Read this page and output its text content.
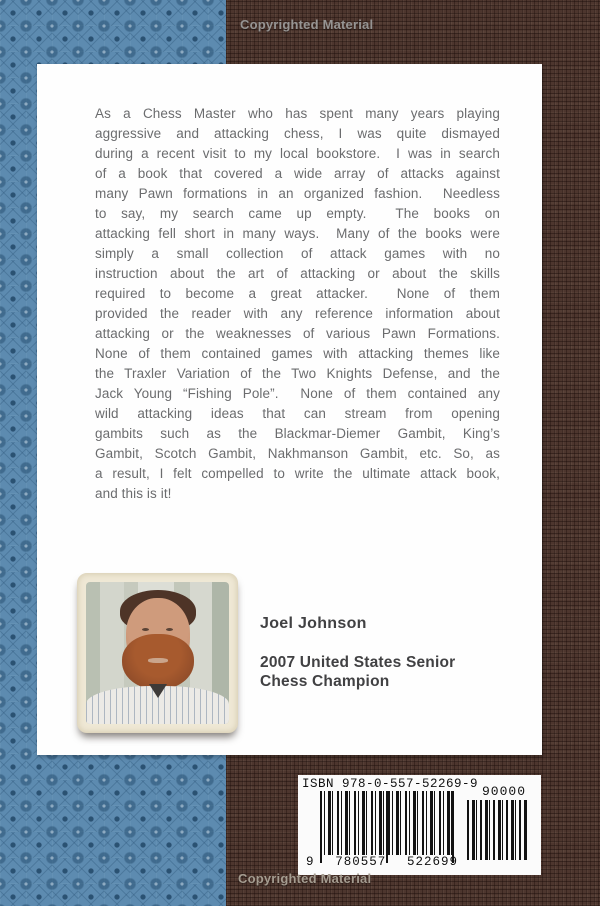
Copyrighted Material
As a Chess Master who has spent many years playing
aggressive and attacking chess, I was quite dismayed
during a recent visit to my local bookstore.  I was in search
of a book that covered a wide array of attacks against
many Pawn formations in an organized fashion.  Needless
to say, my search came up empty.  The books on
attacking fell short in many ways.  Many of the books were
simply a small collection of attack games with no
instruction about the art of attacking or about the skills
required to become a great attacker.  None of them
provided the reader with any reference information about
attacking or the weaknesses of various Pawn Formations.
None of them contained games with attacking themes like
the Traxler Variation of the Two Knights Defense, and the
Jack Young “Fishing Pole”.  None of them contained any
wild attacking ideas that can stream from opening
gambits such as the Blackmar-Diemer Gambit, King’s
Gambit, Scotch Gambit, Nakhmanson Gambit, etc. So, as
a result, I felt compelled to write the ultimate attack book,
and this is it!
Joel Johnson
2007 United States Senior
Chess Champion
ISBN 978-0-557-52269-9
9 780557 522699
90000
Copyrighted Material
